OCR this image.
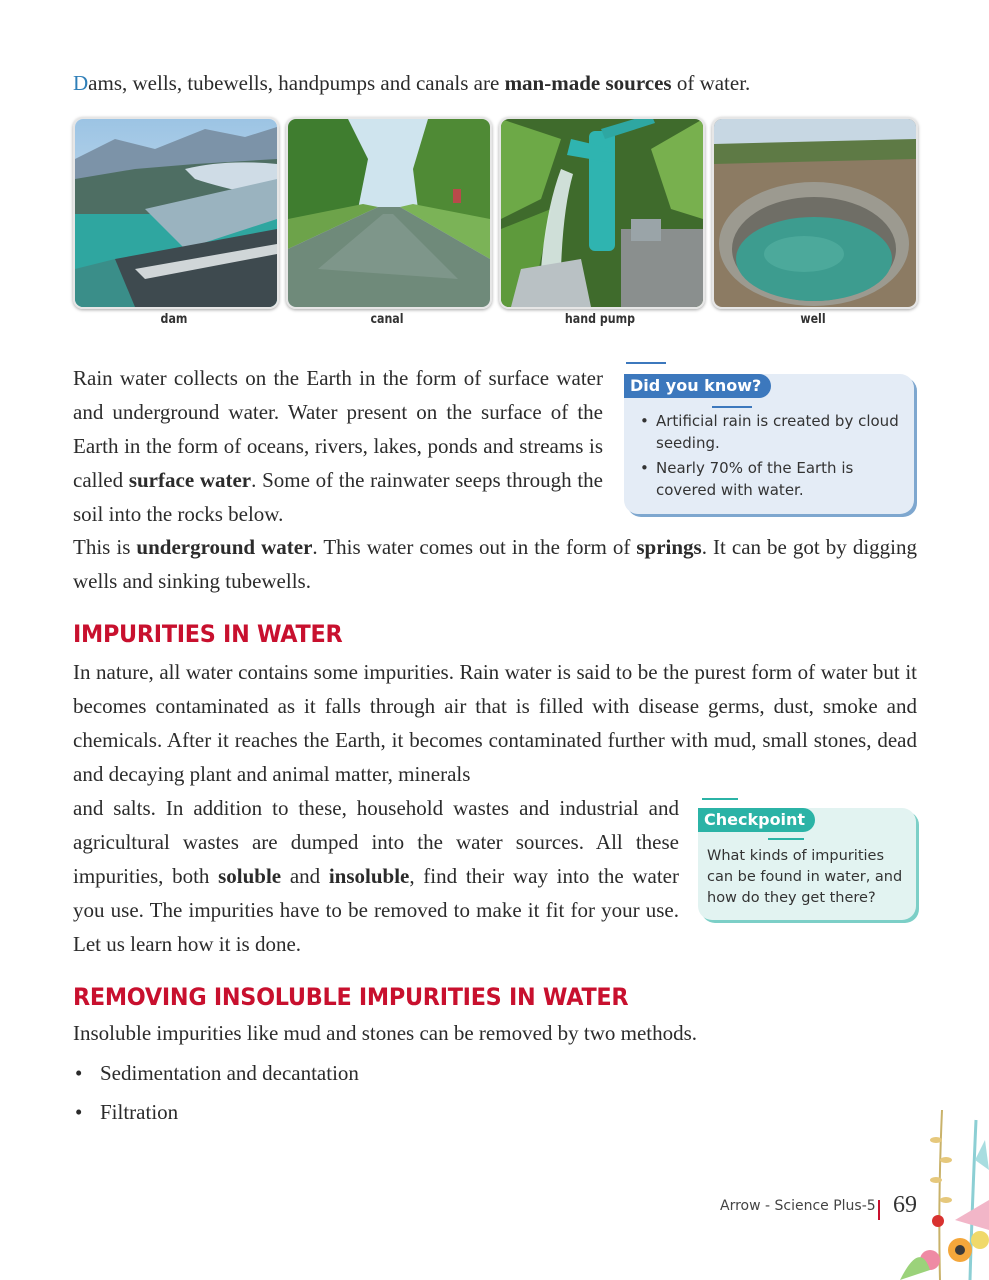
Dams, wells, tubewells, handpumps and canals are man-made sources of water.
dam	canal	hand pump	well
Rain water collects on the Earth in the form of surface water and underground water. Water present on the surface of the Earth in the form of oceans, rivers, lakes, ponds and streams is called surface water. Some of the rainwater seeps through the soil into the rocks below.
This is underground water. This water comes out in the form of springs. It can be got by digging wells and sinking tubewells.
Did you know?
• Artificial rain is created by cloud seeding.
• Nearly 70% of the Earth is covered with water.
IMPURITIES IN WATER
In nature, all water contains some impurities. Rain water is said to be the purest form of water but it becomes contaminated as it falls through air that is filled with disease germs, dust, smoke and chemicals. After it reaches the Earth, it becomes contaminated further with mud, small stones, dead and decaying plant and animal matter, minerals
and salts. In addition to these, household wastes and industrial and agricultural wastes are dumped into the water sources. All these impurities, both soluble and insoluble, find their way into the water you use. The impurities have to be removed to make it fit for your use. Let us learn how it is done.
Checkpoint
What kinds of impurities can be found in water, and how do they get there?
REMOVING INSOLUBLE IMPURITIES IN WATER
Insoluble impurities like mud and stones can be removed by two methods.
• Sedimentation and decantation
• Filtration
Arrow - Science Plus-5 69
